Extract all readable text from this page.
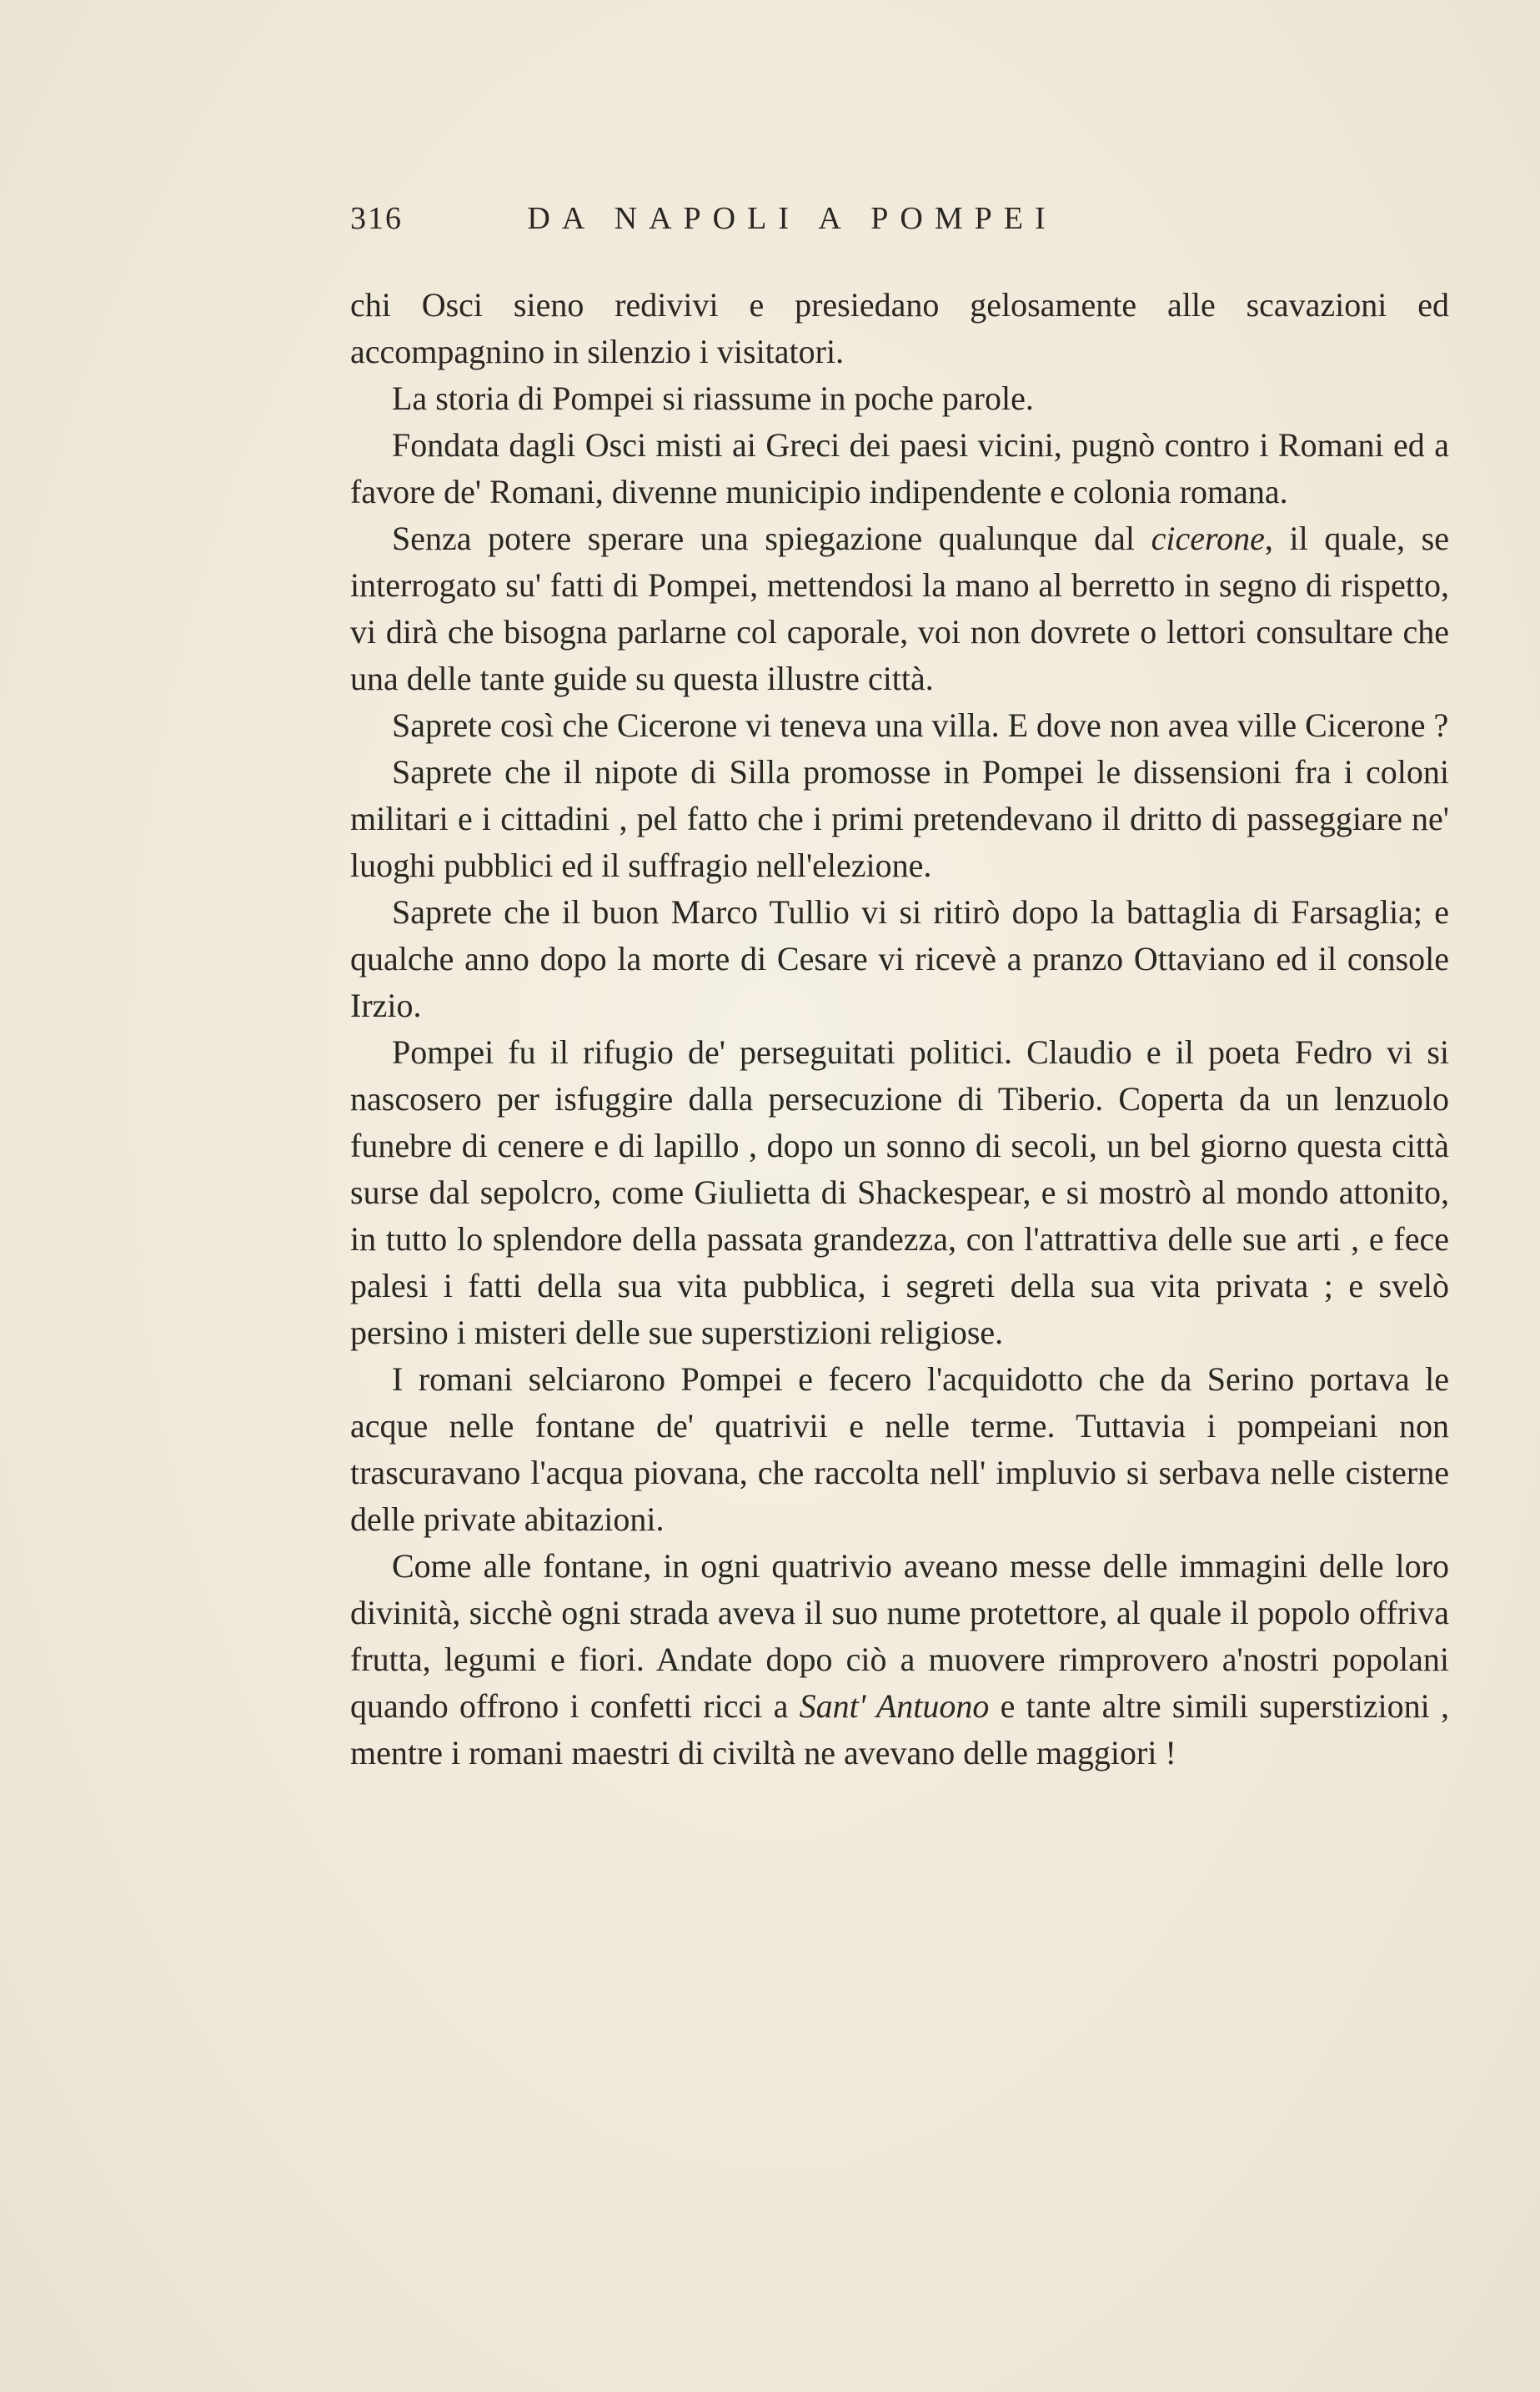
316	DA NAPOLI A POMPEI

chi Osci sieno redivivi e presiedano gelosamente alle scavazioni ed accompagnino in silenzio i visitatori.

La storia di Pompei si riassume in poche parole.

Fondata dagli Osci misti ai Greci dei paesi vicini, pugnò contro i Romani ed a favore de' Romani, divenne municipio indipendente e colonia romana.

Senza potere sperare una spiegazione qualunque dal cicerone, il quale, se interrogato su' fatti di Pompei, mettendosi la mano al berretto in segno di rispetto, vi dirà che bisogna parlarne col caporale, voi non dovrete o lettori consultare che una delle tante guide su questa illustre città.

Saprete così che Cicerone vi teneva una villa. E dove non avea ville Cicerone ?

Saprete che il nipote di Silla promosse in Pompei le dissensioni fra i coloni militari e i cittadini , pel fatto che i primi pretendevano il dritto di passeggiare ne' luoghi pubblici ed il suffragio nell'elezione.

Saprete che il buon Marco Tullio vi si ritirò dopo la battaglia di Farsaglia; e qualche anno dopo la morte di Cesare vi ricevè a pranzo Ottaviano ed il console Irzio.

Pompei fu il rifugio de' perseguitati politici. Claudio e il poeta Fedro vi si nascosero per isfuggire dalla persecuzione di Tiberio. Coperta da un lenzuolo funebre di cenere e di lapillo , dopo un sonno di secoli, un bel giorno questa città surse dal sepolcro, come Giulietta di Shackespear, e si mostrò al mondo attonito, in tutto lo splendore della passata grandezza, con l'attrattiva delle sue arti , e fece palesi i fatti della sua vita pubblica, i segreti della sua vita privata ; e svelò persino i misteri delle sue superstizioni religiose.

I romani selciarono Pompei e fecero l'acquidotto che da Serino portava le acque nelle fontane de' quatrivii e nelle terme. Tuttavia i pompeiani non trascuravano l'acqua piovana, che raccolta nell' impluvio si serbava nelle cisterne delle private abitazioni.

Come alle fontane, in ogni quatrivio aveano messe delle immagini delle loro divinità, sicchè ogni strada aveva il suo nume protettore, al quale il popolo offriva frutta, legumi e fiori. Andate dopo ciò a muovere rimprovero a'nostri popolani quando offrono i confetti ricci a Sant' Antuono e tante altre simili superstizioni , mentre i romani maestri di civiltà ne avevano delle maggiori !
